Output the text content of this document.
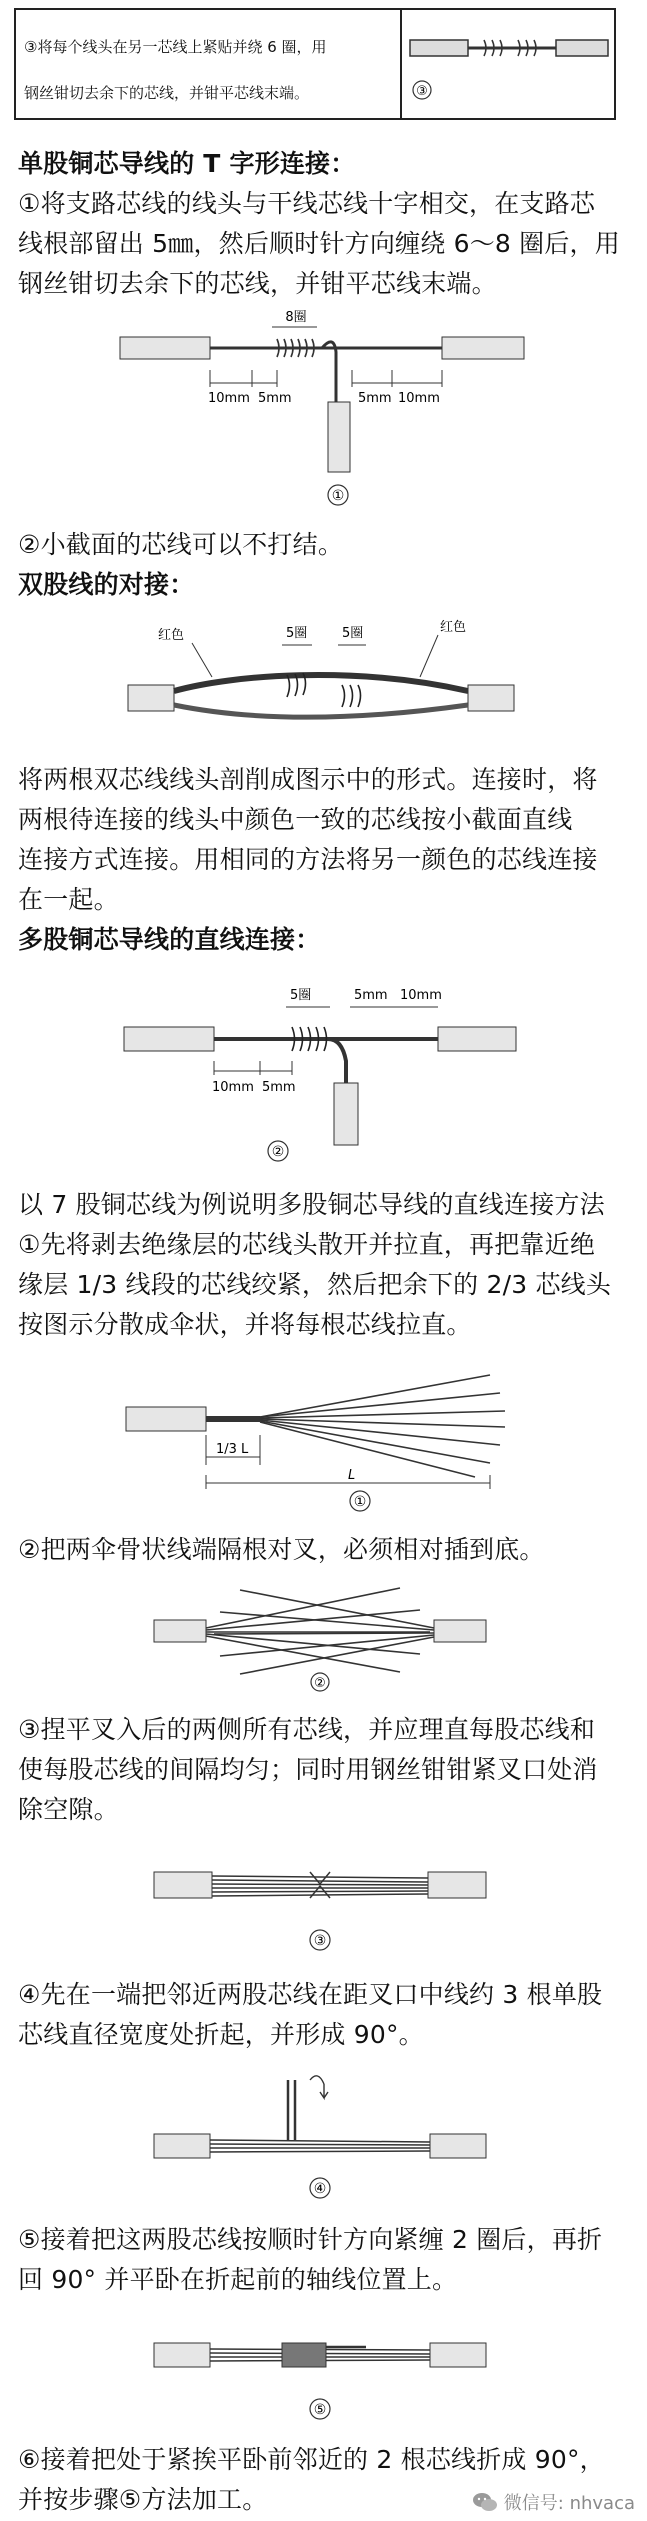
③将每个线头在另一芯线上紧贴并绕 6 圈，用
钢丝钳切去余下的芯线，并钳平芯线末端。	③
单股铜芯导线的 T 字形连接：
①将支路芯线的线头与干线芯线十字相交，在支路芯
线根部留出 5㎜，然后顺时针方向缠绕 6～8 圈后，用
钢丝钳切去余下的芯线，并钳平芯线末端。
8圈
10mm 5mm	5mm 10mm
①
②小截面的芯线可以不打结。
双股线的对接：
红色	5圈	5圈	红色
将两根双芯线线头剖削成图示中的形式。连接时，将
两根待连接的线头中颜色一致的芯线按小截面直线
连接方式连接。用相同的方法将另一颜色的芯线连接
在一起。
多股铜芯导线的直线连接：
5圈	5mm 10mm
10mm 5mm
②
以 7 股铜芯线为例说明多股铜芯导线的直线连接方法
①先将剥去绝缘层的芯线头散开并拉直，再把靠近绝
缘层 1/3 线段的芯线绞紧，然后把余下的 2/3 芯线头
按图示分散成伞状，并将每根芯线拉直。
1/3 L
L
①
②把两伞骨状线端隔根对叉，必须相对插到底。
②
③捏平叉入后的两侧所有芯线，并应理直每股芯线和
使每股芯线的间隔均匀；同时用钢丝钳钳紧叉口处消
除空隙。
③
④先在一端把邻近两股芯线在距叉口中线约 3 根单股
芯线直径宽度处折起，并形成 90°。
④
⑤接着把这两股芯线按顺时针方向紧缠 2 圈后，再折
回 90° 并平卧在折起前的轴线位置上。
⑤
⑥接着把处于紧挨平卧前邻近的 2 根芯线折成 90°，
并按步骤⑤方法加工。	微信号: nhvaca
